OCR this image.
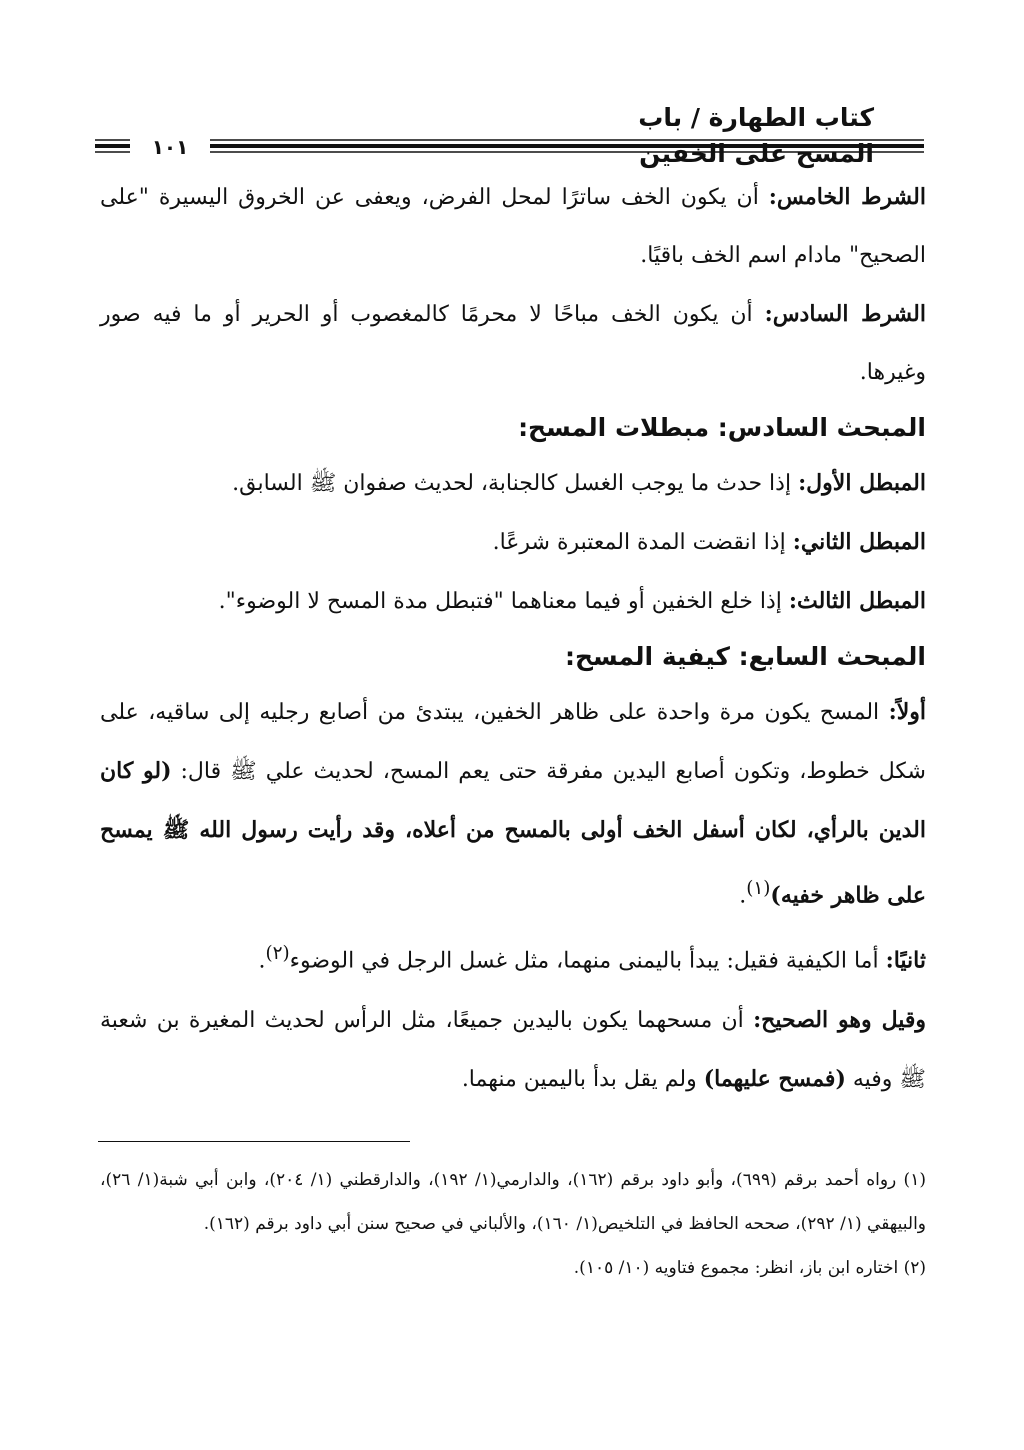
كتاب الطهارة / باب المسح على الخفين
١٠١

الشرط الخامس: أن يكون الخف ساترًا لمحل الفرض، ويعفى عن الخروق اليسيرة "على الصحيح" مادام اسم الخف باقيًا.

الشرط السادس: أن يكون الخف مباحًا لا محرمًا كالمغصوب أو الحرير أو ما فيه صور وغيرها.

المبحث السادس: مبطلات المسح:

المبطل الأول: إذا حدث ما يوجب الغسل كالجنابة، لحديث صفوان ﷺ السابق.

المبطل الثاني: إذا انقضت المدة المعتبرة شرعًا.

المبطل الثالث: إذا خلع الخفين أو فيما معناهما "فتبطل مدة المسح لا الوضوء".

المبحث السابع: كيفية المسح:

أولاً: المسح يكون مرة واحدة على ظاهر الخفين، يبتدئ من أصابع رجليه إلى ساقيه، على شكل خطوط، وتكون أصابع اليدين مفرقة حتى يعم المسح، لحديث علي ﷺ قال: (لو كان الدين بالرأي، لكان أسفل الخف أولى بالمسح من أعلاه، وقد رأيت رسول الله ﷺ يمسح على ظاهر خفيه)$^{(١)}$.

ثانيًا: أما الكيفية فقيل: يبدأ باليمنى منهما، مثل غسل الرجل في الوضوء$^{(٢)}$.

وقيل وهو الصحيح: أن مسحهما يكون باليدين جميعًا، مثل الرأس لحديث المغيرة بن شعبة ﷺ وفيه (فمسح عليهما) ولم يقل بدأ باليمين منهما.

(١) رواه أحمد برقم (٦٩٩)، وأبو داود برقم (١٦٢)، والدارمي(١/ ١٩٢)، والدارقطني (١/ ٢٠٤)، وابن أبي شبة(١/ ٢٦)، والبيهقي (١/ ٢٩٢)، صححه الحافظ في التلخيص(١/ ١٦٠)، والألباني في صحيح سنن أبي داود برقم (١٦٢).

(٢) اختاره ابن باز، انظر: مجموع فتاويه (١٠/ ١٠٥).
